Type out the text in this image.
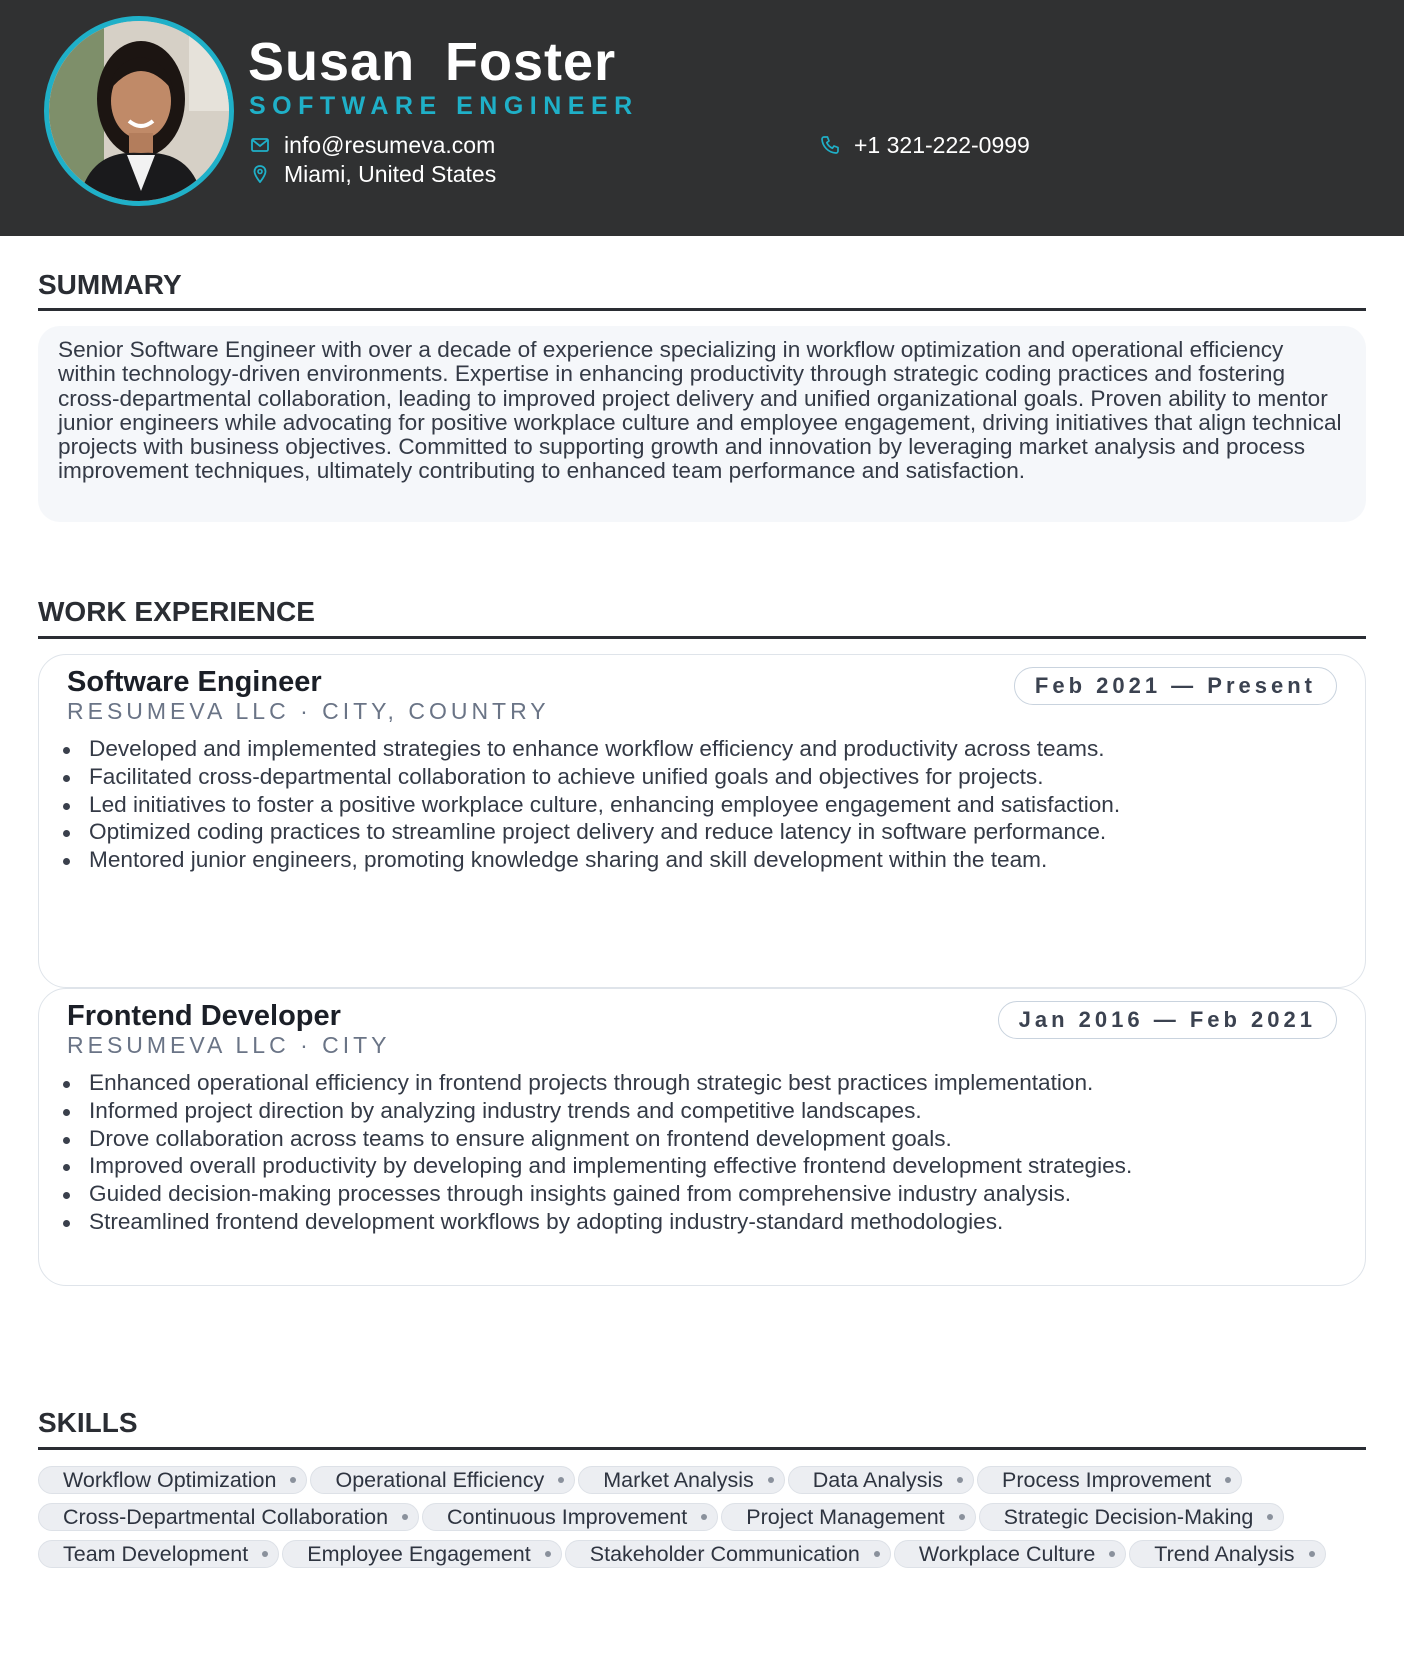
Susan Foster
SOFTWARE ENGINEER
info@resumeva.com
Miami, United States
+1 321-222-0999
SUMMARY

Senior Software Engineer with over a decade of experience specializing in workflow optimization and operational efficiency within technology-driven environments. Expertise in enhancing productivity through strategic coding practices and fostering cross-departmental collaboration, leading to improved project delivery and unified organizational goals. Proven ability to mentor junior engineers while advocating for positive workplace culture and employee engagement, driving initiatives that align technical projects with business objectives. Committed to supporting growth and innovation by leveraging market analysis and process improvement techniques, ultimately contributing to enhanced team performance and satisfaction.

WORK EXPERIENCE
Software Engineer
RESUMEVA LLC · CITY, COUNTRY
Feb 2021 — Present
Developed and implemented strategies to enhance workflow efficiency and productivity across teams.
Facilitated cross-departmental collaboration to achieve unified goals and objectives for projects.
Led initiatives to foster a positive workplace culture, enhancing employee engagement and satisfaction.
Optimized coding practices to streamline project delivery and reduce latency in software performance.
Mentored junior engineers, promoting knowledge sharing and skill development within the team.
Frontend Developer
RESUMEVA LLC · CITY
Jan 2016 — Feb 2021
Enhanced operational efficiency in frontend projects through strategic best practices implementation.
Informed project direction by analyzing industry trends and competitive landscapes.
Drove collaboration across teams to ensure alignment on frontend development goals.
Improved overall productivity by developing and implementing effective frontend development strategies.
Guided decision-making processes through insights gained from comprehensive industry analysis.
Streamlined frontend development workflows by adopting industry-standard methodologies.
SKILLS
Workflow Optimization	Operational Efficiency	Market Analysis	Data Analysis	Process Improvement
Cross-Departmental Collaboration	Continuous Improvement	Project Management	Strategic Decision-Making
Team Development	Employee Engagement	Stakeholder Communication	Workplace Culture	Trend Analysis
